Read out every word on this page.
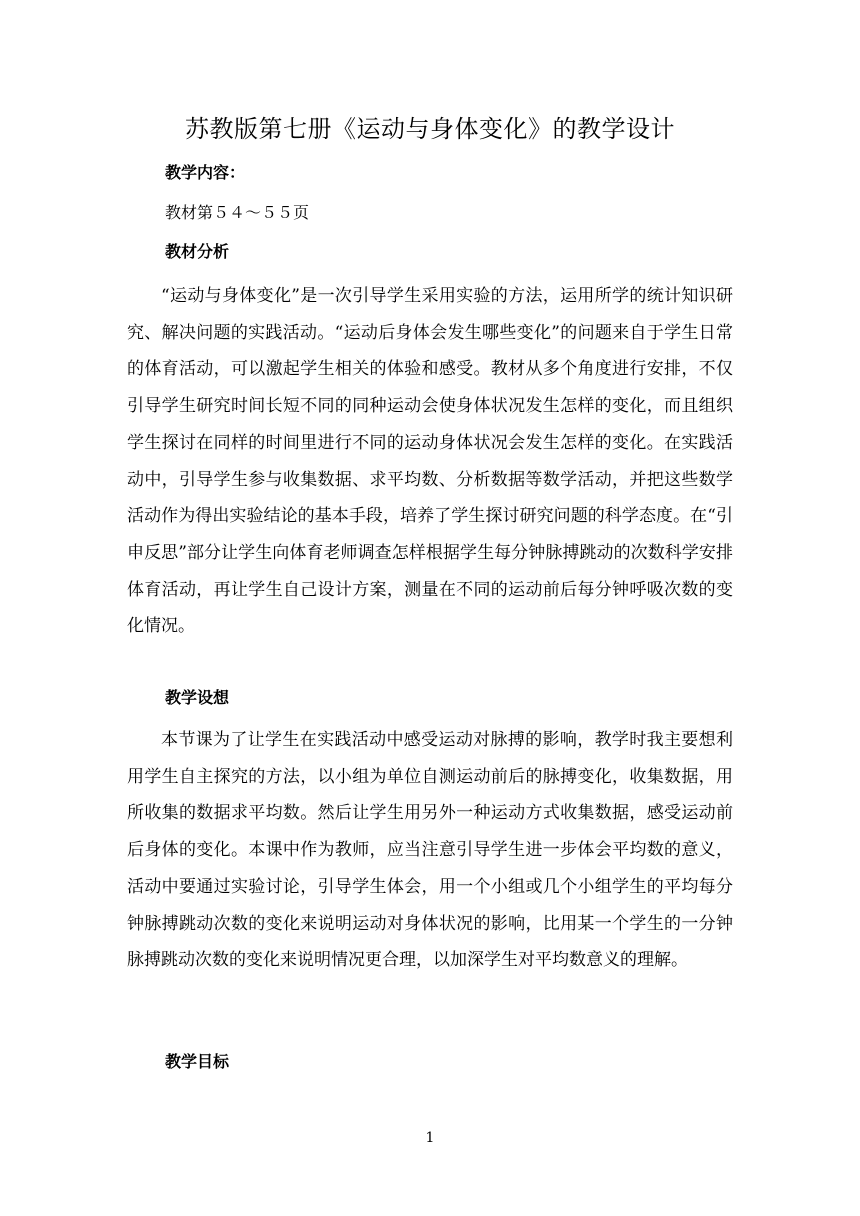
苏教版第七册《运动与身体变化》的教学设计
教学内容：
教材第５４～５５页
教材分析

“运动与身体变化”是一次引导学生采用实验的方法，运用所学的统计知识研究、解决问题的实践活动。“运动后身体会发生哪些变化”的问题来自于学生日常的体育活动，可以激起学生相关的体验和感受。教材从多个角度进行安排，不仅引导学生研究时间长短不同的同种运动会使身体状况发生怎样的变化，而且组织学生探讨在同样的时间里进行不同的运动身体状况会发生怎样的变化。在实践活动中，引导学生参与收集数据、求平均数、分析数据等数学活动，并把这些数学活动作为得出实验结论的基本手段，培养了学生探讨研究问题的科学态度。在“引申反思”部分让学生向体育老师调查怎样根据学生每分钟脉搏跳动的次数科学安排体育活动，再让学生自己设计方案，测量在不同的运动前后每分钟呼吸次数的变化情况。

教学设想

本节课为了让学生在实践活动中感受运动对脉搏的影响，教学时我主要想利用学生自主探究的方法，以小组为单位自测运动前后的脉搏变化，收集数据，用所收集的数据求平均数。然后让学生用另外一种运动方式收集数据，感受运动前后身体的变化。本课中作为教师，应当注意引导学生进一步体会平均数的意义，活动中要通过实验讨论，引导学生体会，用一个小组或几个小组学生的平均每分钟脉搏跳动次数的变化来说明运动对身体状况的影响，比用某一个学生的一分钟脉搏跳动次数的变化来说明情况更合理，以加深学生对平均数意义的理解。

教学目标
1
